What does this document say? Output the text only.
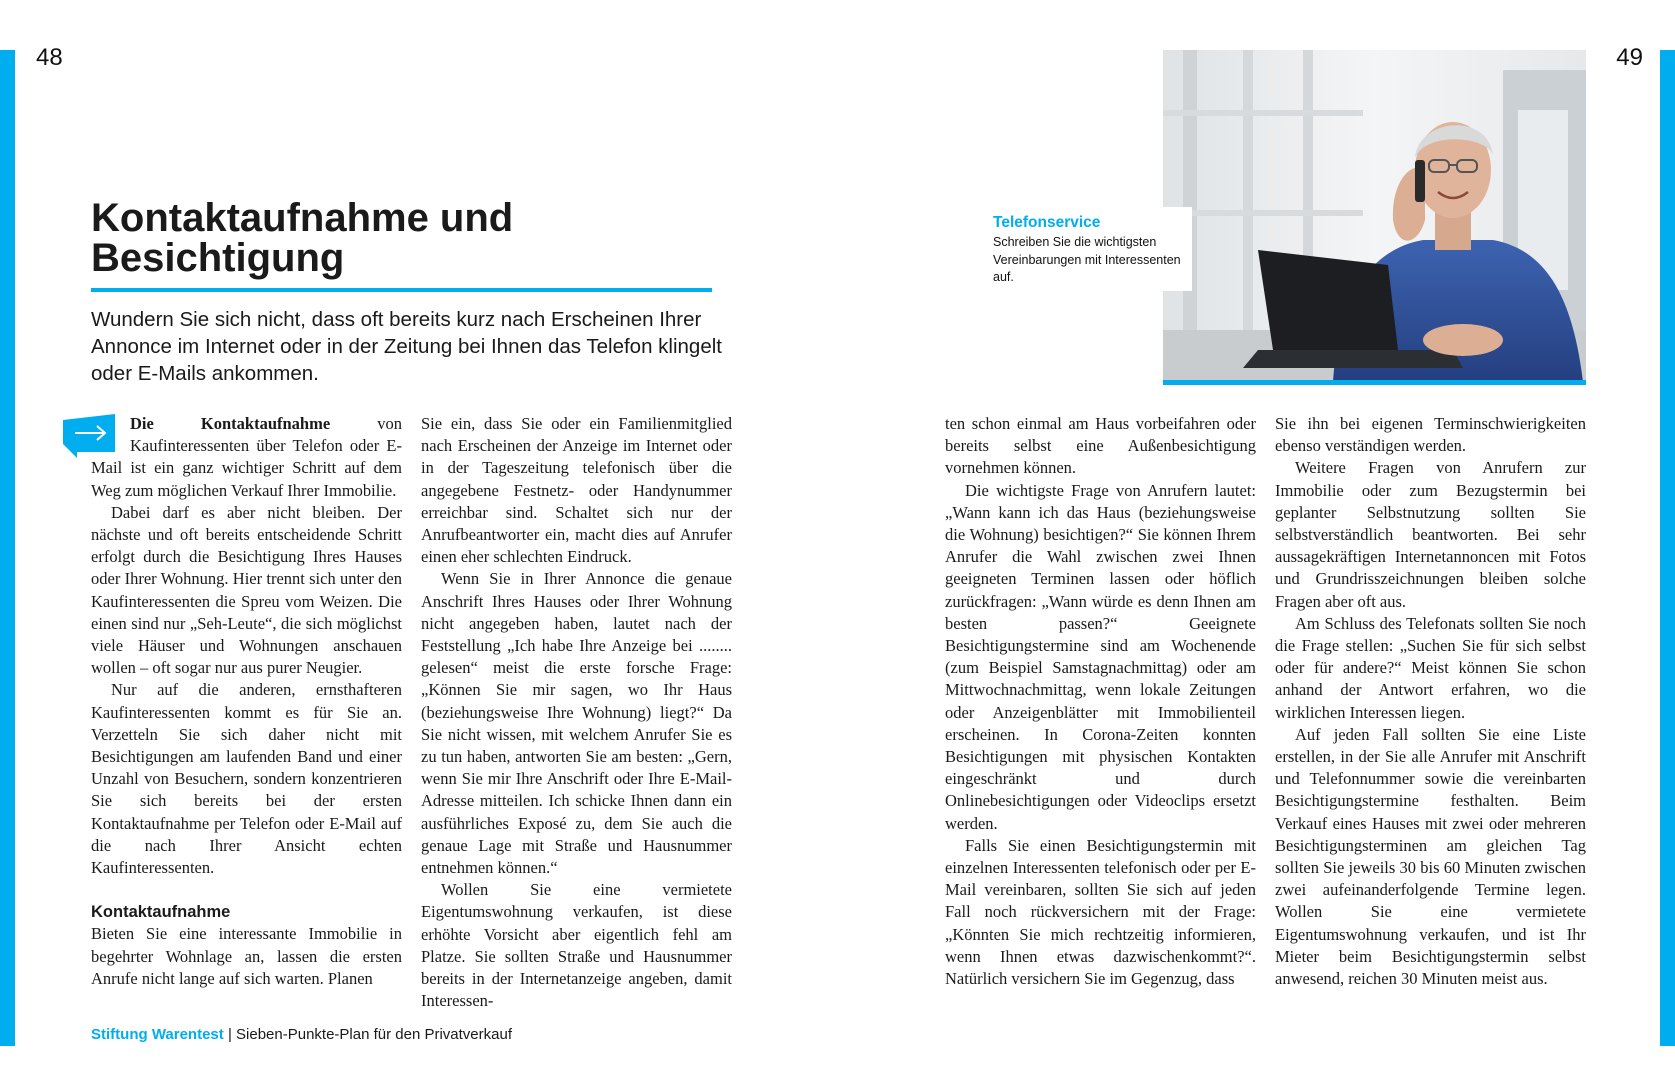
48	49
Kontaktaufnahme und
Besichtigung

Wundern Sie sich nicht, dass oft bereits kurz nach Erscheinen Ihrer Annonce im Internet oder in der Zeitung bei Ihnen das Telefon klingelt oder E-Mails ankommen.

Die Kontaktaufnahme von Kaufinteressenten über Telefon oder E-Mail ist ein ganz wichtiger Schritt auf dem Weg zum möglichen Verkauf Ihrer Immobilie.

Dabei darf es aber nicht bleiben. Der nächste und oft bereits entscheidende Schritt erfolgt durch die Besichtigung Ihres Hauses oder Ihrer Wohnung. Hier trennt sich unter den Kaufinteressenten die Spreu vom Weizen. Die einen sind nur „Seh-Leute“, die sich möglichst viele Häuser und Wohnungen anschauen wollen – oft sogar nur aus purer Neugier.

Nur auf die anderen, ernsthafteren Kaufinteressenten kommt es für Sie an. Verzetteln Sie sich daher nicht mit Besichtigungen am laufenden Band und einer Unzahl von Besuchern, sondern konzentrieren Sie sich bereits bei der ersten Kontaktaufnahme per Telefon oder E-Mail auf die nach Ihrer Ansicht echten Kaufinteressenten.

Kontaktaufnahme

Bieten Sie eine interessante Immobilie in begehrter Wohnlage an, lassen die ersten Anrufe nicht lange auf sich warten. Planen

Sie ein, dass Sie oder ein Familienmitglied nach Erscheinen der Anzeige im Internet oder in der Tageszeitung telefonisch über die angegebene Festnetz- oder Handynummer erreichbar sind. Schaltet sich nur der Anrufbeantworter ein, macht dies auf Anrufer einen eher schlechten Eindruck.

Wenn Sie in Ihrer Annonce die genaue Anschrift Ihres Hauses oder Ihrer Wohnung nicht angegeben haben, lautet nach der Feststellung „Ich habe Ihre Anzeige bei ........ gelesen“ meist die erste forsche Frage: „Können Sie mir sagen, wo Ihr Haus (beziehungsweise Ihre Wohnung) liegt?“ Da Sie nicht wissen, mit welchem Anrufer Sie es zu tun haben, antworten Sie am besten: „Gern, wenn Sie mir Ihre Anschrift oder Ihre E-Mail-Adresse mitteilen. Ich schicke Ihnen dann ein ausführliches Exposé zu, dem Sie auch die genaue Lage mit Straße und Hausnummer entnehmen können.“

Wollen Sie eine vermietete Eigentumswohnung verkaufen, ist diese erhöhte Vorsicht aber eigentlich fehl am Platze. Sie sollten Straße und Hausnummer bereits in der Internetanzeige angeben, damit Interessen-

Telefonservice
Schreiben Sie die wichtigsten Vereinbarungen mit Interessenten auf.

ten schon einmal am Haus vorbeifahren oder bereits selbst eine Außenbesichtigung vornehmen können.

Die wichtigste Frage von Anrufern lautet: „Wann kann ich das Haus (beziehungsweise die Wohnung) besichtigen?“ Sie können Ihrem Anrufer die Wahl zwischen zwei Ihnen geeigneten Terminen lassen oder höflich zurückfragen: „Wann würde es denn Ihnen am besten passen?“ Geeignete Besichtigungstermine sind am Wochenende (zum Beispiel Samstagnachmittag) oder am Mittwochnachmittag, wenn lokale Zeitungen oder Anzeigenblätter mit Immobilienteil erscheinen. In Corona-Zeiten konnten Besichtigungen mit physischen Kontakten eingeschränkt und durch Onlinebesichtigungen oder Videoclips ersetzt werden.

Falls Sie einen Besichtigungstermin mit einzelnen Interessenten telefonisch oder per E-Mail vereinbaren, sollten Sie sich auf jeden Fall noch rückversichern mit der Frage: „Könnten Sie mich rechtzeitig informieren, wenn Ihnen etwas dazwischenkommt?“. Natürlich versichern Sie im Gegenzug, dass

Sie ihn bei eigenen Terminschwierigkeiten ebenso verständigen werden.

Weitere Fragen von Anrufern zur Immobilie oder zum Bezugstermin bei geplanter Selbstnutzung sollten Sie selbstverständlich beantworten. Bei sehr aussagekräftigen Internetannoncen mit Fotos und Grundrisszeichnungen bleiben solche Fragen aber oft aus.

Am Schluss des Telefonats sollten Sie noch die Frage stellen: „Suchen Sie für sich selbst oder für andere?“ Meist können Sie schon anhand der Antwort erfahren, wo die wirklichen Interessen liegen.

Auf jeden Fall sollten Sie eine Liste erstellen, in der Sie alle Anrufer mit Anschrift und Telefonnummer sowie die vereinbarten Besichtigungstermine festhalten. Beim Verkauf eines Hauses mit zwei oder mehreren Besichtigungsterminen am gleichen Tag sollten Sie jeweils 30 bis 60 Minuten zwischen zwei aufeinanderfolgende Termine legen. Wollen Sie eine vermietete Eigentumswohnung verkaufen, und ist Ihr Mieter beim Besichtigungstermin selbst anwesend, reichen 30 Minuten meist aus.

Stiftung Warentest | Sieben-Punkte-Plan für den Privatverkauf
